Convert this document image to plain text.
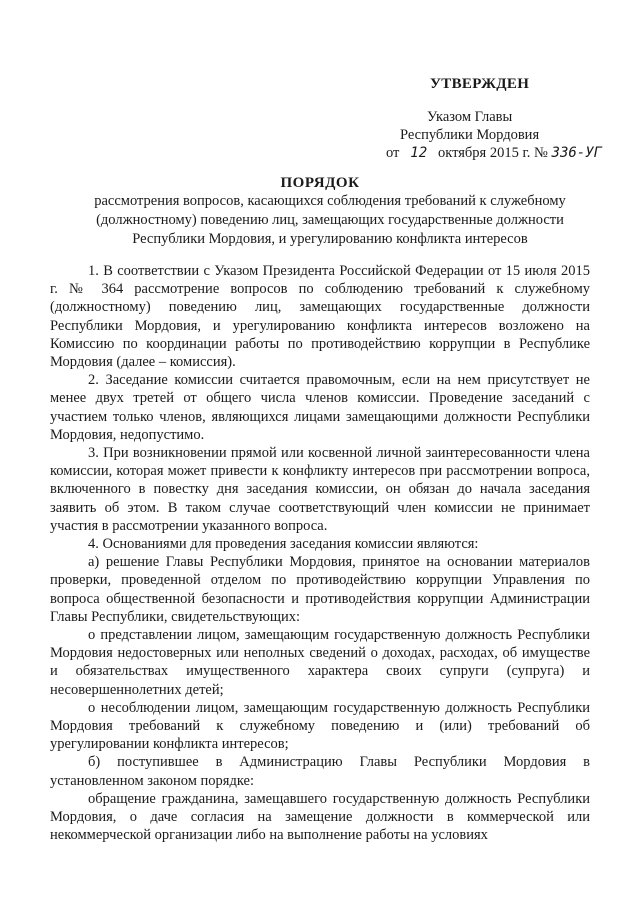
УТВЕРЖДЕН
Указом Главы
Республики Мордовия
от 12 октября 2015 г. № 336-УГ
ПОРЯДОК
рассмотрения вопросов, касающихся соблюдения требований к служебному (должностному) поведению лиц, замещающих государственные должности Республики Мордовия, и урегулированию конфликта интересов

1. В соответствии с Указом Президента Российской Федерации от 15 июля 2015 г. № 364 рассмотрение вопросов по соблюдению требований к служебному (должностному) поведению лиц, замещающих государственные должности Республики Мордовия, и урегулированию конфликта интересов возложено на Комиссию по координации работы по противодействию коррупции в Республике Мордовия (далее – комиссия).

2. Заседание комиссии считается правомочным, если на нем присутствует не менее двух третей от общего числа членов комиссии. Проведение заседаний с участием только членов, являющихся лицами замещающими должности Республики Мордовия, недопустимо.

3. При возникновении прямой или косвенной личной заинтересованности члена комиссии, которая может привести к конфликту интересов при рассмотрении вопроса, включенного в повестку дня заседания комиссии, он обязан до начала заседания заявить об этом. В таком случае соответствующий член комиссии не принимает участия в рассмотрении указанного вопроса.

4. Основаниями для проведения заседания комиссии являются:

а) решение Главы Республики Мордовия, принятое на основании материалов проверки, проведенной отделом по противодействию коррупции Управления по вопроса общественной безопасности и противодействия коррупции Администрации Главы Республики, свидетельствующих:

о представлении лицом, замещающим государственную должность Республики Мордовия недостоверных или неполных сведений о доходах, расходах, об имуществе и обязательствах имущественного характера своих супруги (супруга) и несовершеннолетних детей;

о несоблюдении лицом, замещающим государственную должность Республики Мордовия требований к служебному поведению и (или) требований об урегулировании конфликта интересов;

б) поступившее в Администрацию Главы Республики Мордовия в установленном законом порядке:

обращение гражданина, замещавшего государственную должность Республики Мордовия, о даче согласия на замещение должности в коммерческой или некоммерческой организации либо на выполнение работы на условиях
